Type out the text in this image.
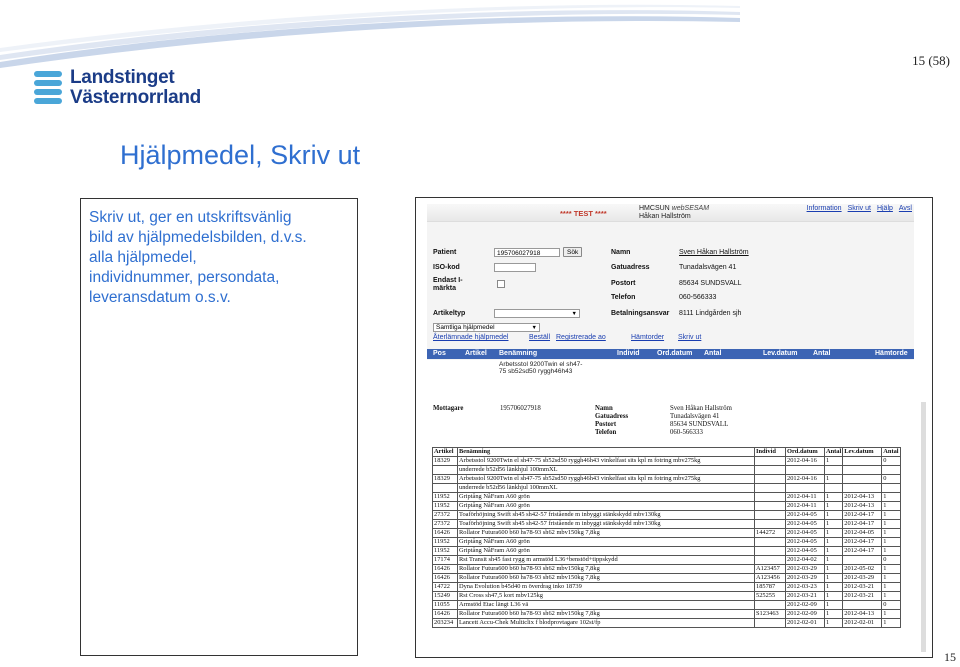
Landstinget
Västernorrland
15 (58)
Hjälpmedel, Skriv ut
Skriv ut, ger en utskriftsvänlig
bild av hjälpmedelsbilden, d.v.s.
alla hjälpmedel,
individnummer, persondata,
leveransdatum o.s.v.
**** TEST ****
HMCSUN webSESAM
Håkan Hallström
Information Skriv ut Hjälp Avsl
Patient	195706027918	Sök
ISO-kod
Endast I-
märkta
Artikeltyp	▼
Samtliga hjälpmedel	▼
Namn	Sven Håkan Hallström
Gatuadress	Tunadalsvägen 41
Postort	85634 SUNDSVALL
Telefon	060-566333
Betalningsansvar 8111 Lindgården sjh
Återlämnade hjälpmedel	Beställ Registrerade ao	Hämtorder Skriv ut
Pos	Artikel Benämning	Individ Ord.datum Antal	Lev.datum Antal	Hämtorde
Arbetsstol 9200Twin el sh47-
75 sb52sd50 ryggh46h43
Mottagare	195706027918	Namn	Sven Håkan Hallström
Gatuadress	Tunadalsvägen 41
Postort	85634 SUNDSVALL
Telefon	060-566333
Artikel	Benämning	Individ	Ord.datum	Antal	Lev.datum	Antal
18329	Arbetsstol 9200Twin el sh47-75 sb52sd50 ryggh46h43 vinkelfast sits kpl m fotring mbv275kg		2012-04-16	1		0
	underrede b52d56 länkhjul 100mmXL					
18329	Arbetsstol 9200Twin el sh47-75 sb52sd50 ryggh46h43 vinkelfast sits kpl m fotring mbv275kg		2012-04-16	1		0
	underrede b52d56 länkhjul 100mmXL					
11952	Griptång NåFram A60 grön		2012-04-11	1	2012-04-13	1
11952	Griptång NåFram A60 grön		2012-04-11	1	2012-04-13	1
27372	Toaförhöjning Swift sh45 sh42-57 fristående m inbyggt stänkskydd mbv130kg		2012-04-05	1	2012-04-17	1
27372	Toaförhöjning Swift sh45 sh42-57 fristående m inbyggt stänkskydd mbv130kg		2012-04-05	1	2012-04-17	1
16426	Rollator Futura600 b60 hs78-93 sh62 mbv150kg 7,8kg	144272	2012-04-05	1	2012-04-05	1
11952	Griptång NåFram A60 grön		2012-04-05	1	2012-04-17	1
11952	Griptång NåFram A60 grön		2012-04-05	1	2012-04-17	1
17174	Rst Transit sh45 fast rygg m armstöd L36+benstöd+tippskydd		2012-04-02	1		0
16426	Rollator Futura600 b60 hs78-93 sh62 mbv150kg 7,8kg	A123457	2012-03-29	1	2012-05-02	1
16426	Rollator Futura600 b60 hs78-93 sh62 mbv150kg 7,8kg	A123456	2012-03-29	1	2012-03-29	1
14722	Dyna Evolution b45d40 m överdrag inko 18739	185787	2012-03-23	1	2012-03-21	1
15249	Rst Cross sh47,5 kort mbv125kg	525255	2012-03-21	1	2012-03-21	1
11055	Armstöd Etac längt L36 vä		2012-02-09	1		0
16426	Rollator Futura600 b60 hs78-93 sh62 mbv150kg 7,8kg	S123463	2012-02-09	1	2012-04-13	1
203234	Lancett Accu-Chek Multiclix f blodprovtagare 102st/fp		2012-02-01	1	2012-02-01	1
15
